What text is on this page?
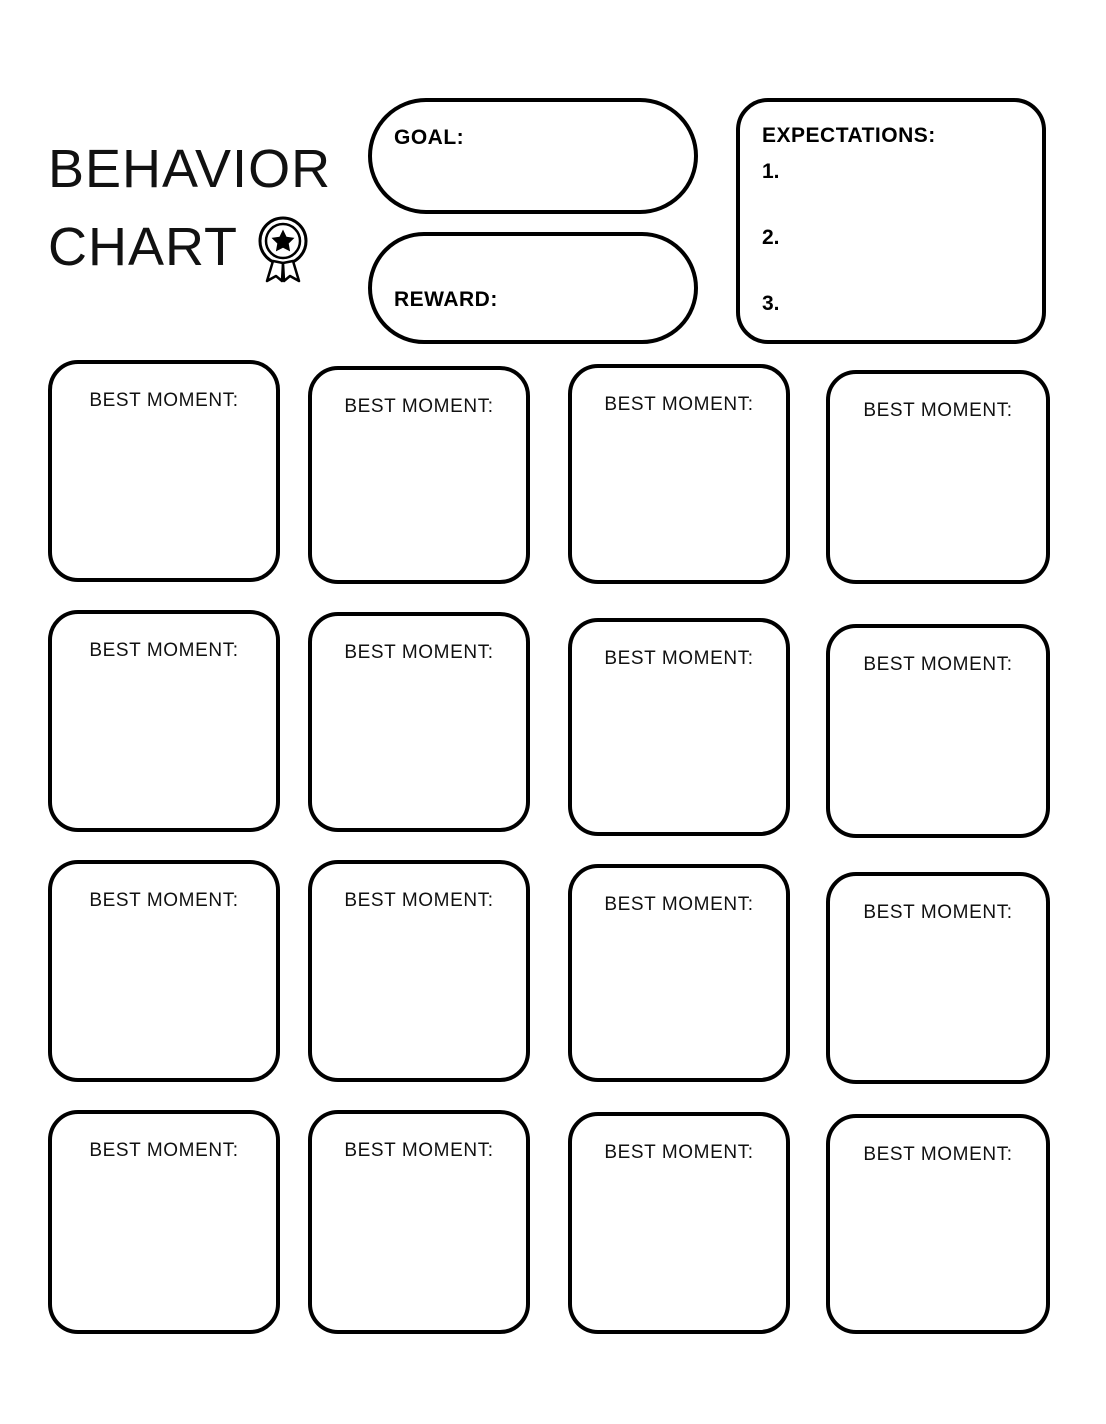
BEHAVIOR
CHART
GOAL:
REWARD:
EXPECTATIONS:
1.
2.
3.
BEST MOMENT:	BEST MOMENT:	BEST MOMENT:	BEST MOMENT:
BEST MOMENT:	BEST MOMENT:	BEST MOMENT:	BEST MOMENT:
BEST MOMENT:	BEST MOMENT:	BEST MOMENT:	BEST MOMENT:
BEST MOMENT:	BEST MOMENT:	BEST MOMENT:	BEST MOMENT:
